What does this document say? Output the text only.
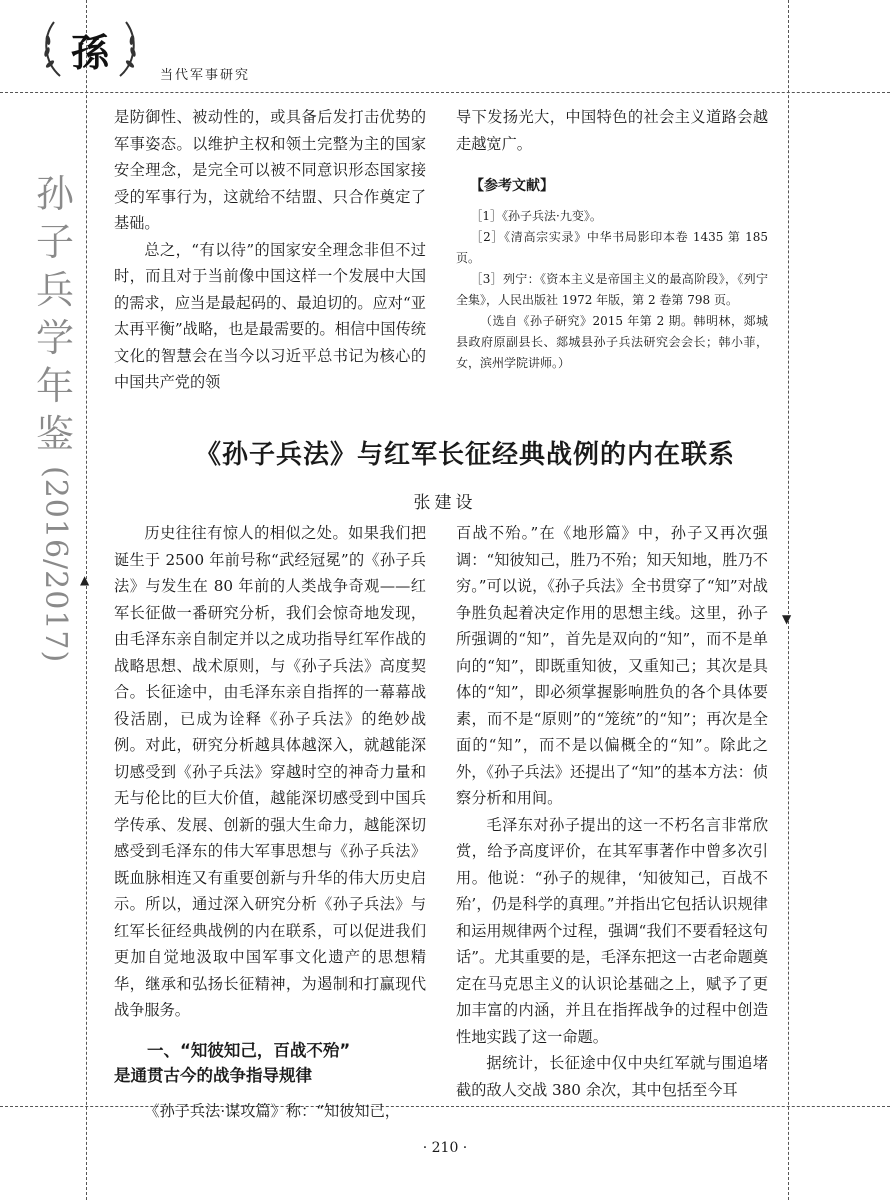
孫
当代军事研究
孙
子
兵
学
年
鉴
(2016/2017) ▲
▼

是防御性、被动性的，或具备后发打击优势的军事姿态。以维护主权和领土完整为主的国家安全理念，是完全可以被不同意识形态国家接受的军事行为，这就给不结盟、只合作奠定了基础。

总之，“有以待”的国家安全理念非但不过时，而且对于当前像中国这样一个发展中大国的需求，应当是最起码的、最迫切的。应对“亚太再平衡”战略，也是最需要的。相信中国传统文化的智慧会在当今以习近平总书记为核心的中国共产党的领

导下发扬光大，中国特色的社会主义道路会越走越宽广。

【参考文献】

［1］《孙子兵法·九变》。

［2］《清高宗实录》中华书局影印本卷 1435 第 185 页。

［3］列宁：《资本主义是帝国主义的最高阶段》，《列宁全集》，人民出版社 1972 年版，第 2 卷第 798 页。

（选自《孙子研究》2015 年第 2 期。韩明林，郯城县政府原副县长、郯城县孙子兵法研究会会长；韩小菲，女，滨州学院讲师。）

《孙子兵法》与红军长征经典战例的内在联系
张建设

历史往往有惊人的相似之处。如果我们把诞生于 2500 年前号称“武经冠冕”的《孙子兵法》与发生在 80 年前的人类战争奇观——红军长征做一番研究分析，我们会惊奇地发现，由毛泽东亲自制定并以之成功指导红军作战的战略思想、战术原则，与《孙子兵法》高度契合。长征途中，由毛泽东亲自指挥的一幕幕战役活剧，已成为诠释《孙子兵法》的绝妙战例。对此，研究分析越具体越深入，就越能深切感受到《孙子兵法》穿越时空的神奇力量和无与伦比的巨大价值，越能深切感受到中国兵学传承、发展、创新的强大生命力，越能深切感受到毛泽东的伟大军事思想与《孙子兵法》既血脉相连又有重要创新与升华的伟大历史启示。所以，通过深入研究分析《孙子兵法》与红军长征经典战例的内在联系，可以促进我们更加自觉地汲取中国军事文化遗产的思想精华，继承和弘扬长征精神，为遏制和打赢现代战争服务。

一、“知彼知己，百战不殆”
是通贯古今的战争指导规律

《孙子兵法·谋攻篇》称：“知彼知己，

百战不殆。”在《地形篇》中，孙子又再次强调：“知彼知己，胜乃不殆；知天知地，胜乃不穷。”可以说，《孙子兵法》全书贯穿了“知”对战争胜负起着决定作用的思想主线。这里，孙子所强调的“知”，首先是双向的“知”，而不是单向的“知”，即既重知彼，又重知己；其次是具体的“知”，即必须掌握影响胜负的各个具体要素，而不是“原则”的“笼统”的“知”；再次是全面的“知”，而不是以偏概全的“知”。除此之外，《孙子兵法》还提出了“知”的基本方法：侦察分析和用间。

毛泽东对孙子提出的这一不朽名言非常欣赏，给予高度评价，在其军事著作中曾多次引用。他说：“孙子的规律，‘知彼知己，百战不殆’，仍是科学的真理。”并指出它包括认识规律和运用规律两个过程，强调“我们不要看轻这句话”。尤其重要的是，毛泽东把这一古老命题奠定在马克思主义的认识论基础之上，赋予了更加丰富的内涵，并且在指挥战争的过程中创造性地实践了这一命题。

据统计，长征途中仅中央红军就与围追堵截的敌人交战 380 余次，其中包括至今耳

· 210 ·
